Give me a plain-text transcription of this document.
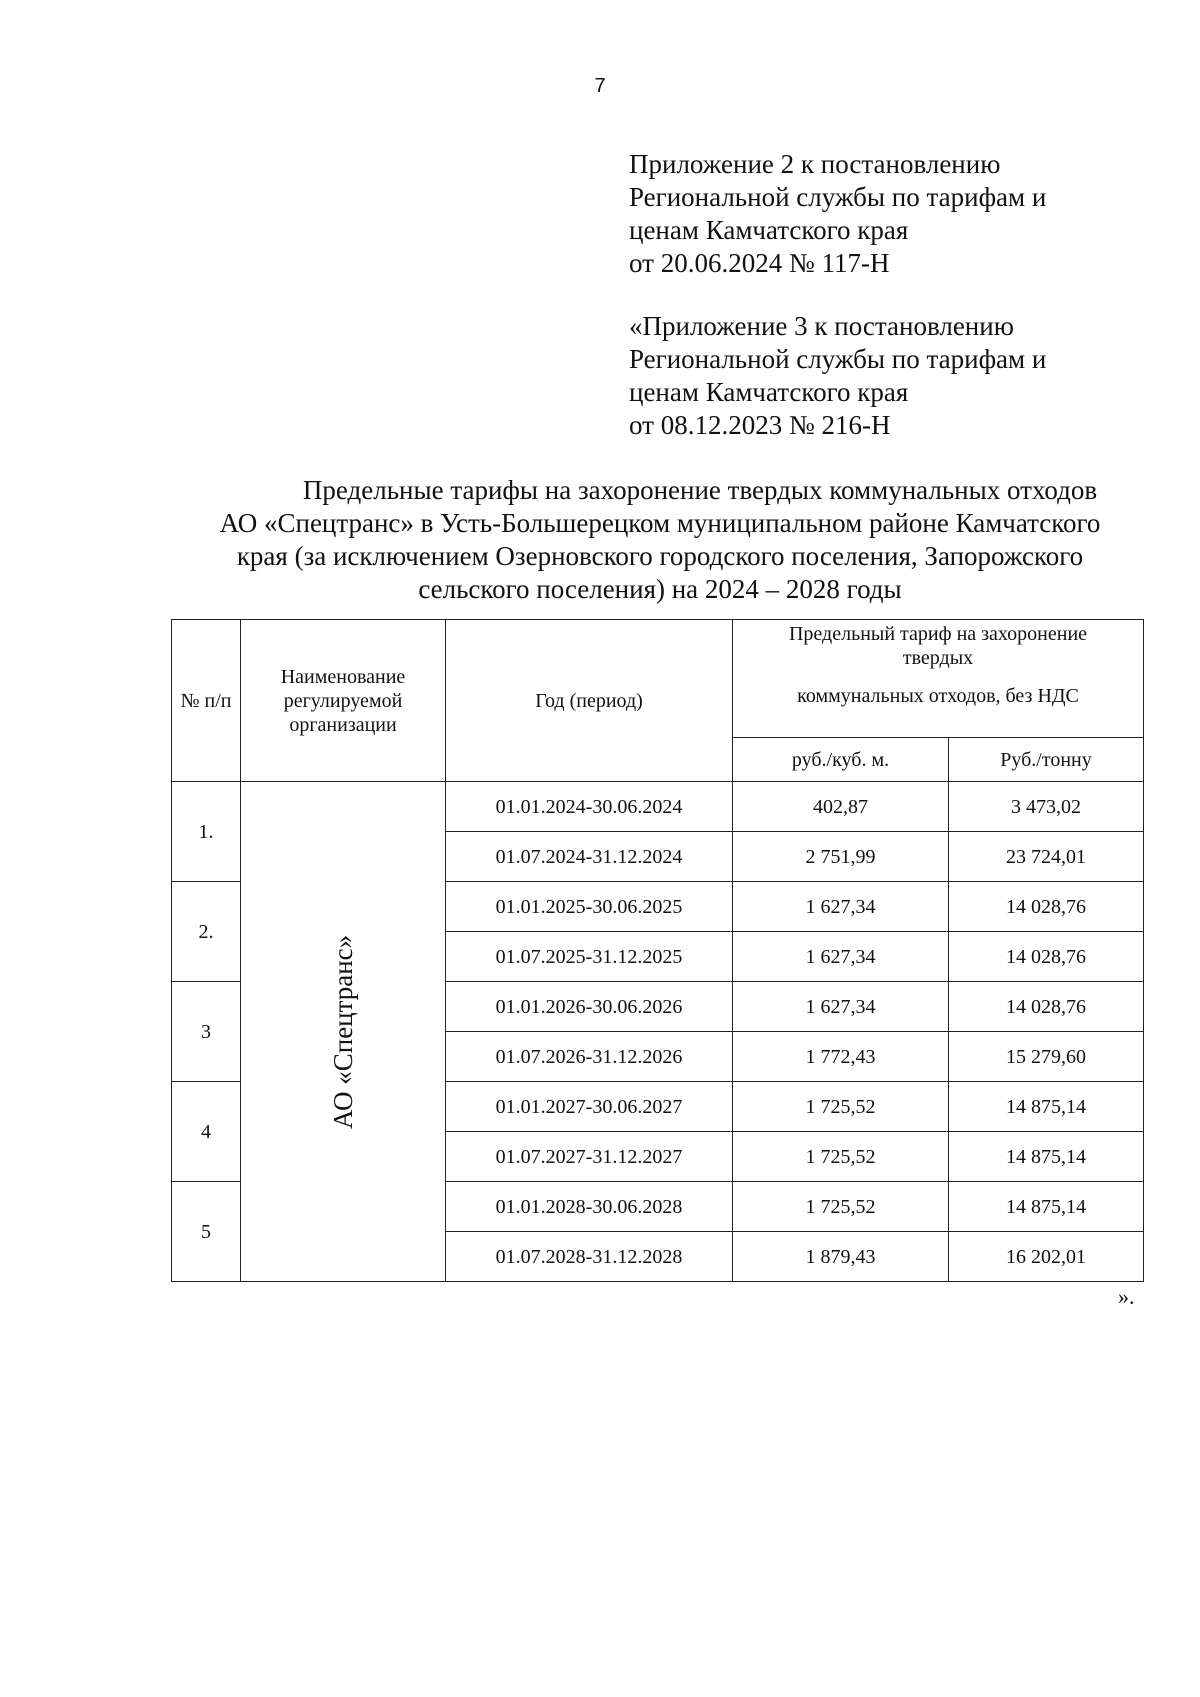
7
Приложение 2 к постановлению
Региональной службы по тарифам и
ценам Камчатского края
от 20.06.2024 № 117-Н
«Приложение 3 к постановлению
Региональной службы по тарифам и
ценам Камчатского края
от 08.12.2023 № 216-Н
Предельные тарифы на захоронение твердых коммунальных отходов
АО «Спецтранс» в Усть-Большерецком муниципальном районе Камчатского
края (за исключением Озерновского городского поселения, Запорожского
сельского поселения) на 2024 – 2028 годы
№ п/п	Наименование регулируемой организации	Год (период)	Предельный тариф на захоронение
твердых
коммунальных отходов, без НДС	

			руб./куб. м.	Руб./тонну
1.	АО «Спецтранс»	01.01.2024-30.06.2024	402,87	3 473,02
		01.07.2024-31.12.2024	2 751,99	23 724,01
2.		01.01.2025-30.06.2025	1 627,34	14 028,76
		01.07.2025-31.12.2025	1 627,34	14 028,76
3		01.01.2026-30.06.2026	1 627,34	14 028,76
		01.07.2026-31.12.2026	1 772,43	15 279,60
4		01.01.2027-30.06.2027	1 725,52	14 875,14
		01.07.2027-31.12.2027	1 725,52	14 875,14
5		01.01.2028-30.06.2028	1 725,52	14 875,14
		01.07.2028-31.12.2028	1 879,43	16 202,01
».
